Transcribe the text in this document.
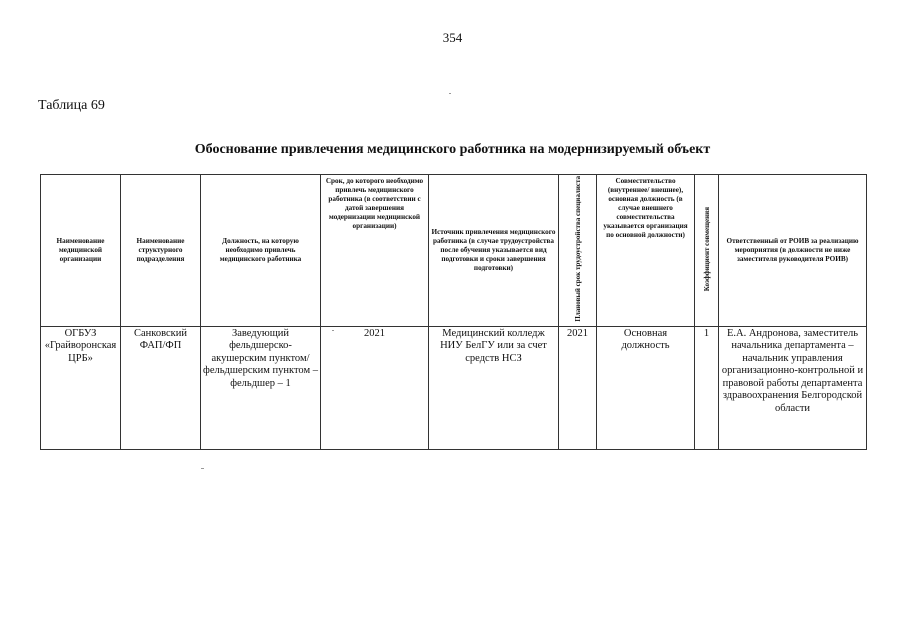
354
Таблица 69
Обоснование привлечения медицинского работника на модернизируемый объект
Наименование медицинской организации	Наименование структурного подразделения	Должность, на которую необходимо привлечь медицинского работника	Срок, до которого необходимо привлечь медицинского работника (в соответствии с датой завершения модернизации медицинской организации)	Источник привлечения медицинского работника (в случае трудоустройства после обучения указывается вид подготовки и сроки завершения подготовки)	Плановый срок трудоустройства специалиста	Совместительство (внутреннее/ внешнее), основная должность (в случае внешнего совместительства указывается организация по основной должности)	Коэффициент совмещения	Ответственный от РОИВ за реализацию мероприятия (в должности не ниже заместителя руководителя РОИВ)
ОГБУЗ «Грайворонская ЦРБ»	Санковский ФАП/ФП	Заведующий фельдшерско-акушерским пунктом/фельдшерским пунктом – фельдшер – 1	2021	Медицинский колледж НИУ БелГУ или за счет средств НСЗ	2021	Основная должность	1	Е.А. Андронова, заместитель начальника департамента – начальник управления организационно-контрольной и правовой работы департамента здравоохранения Белгородской области
